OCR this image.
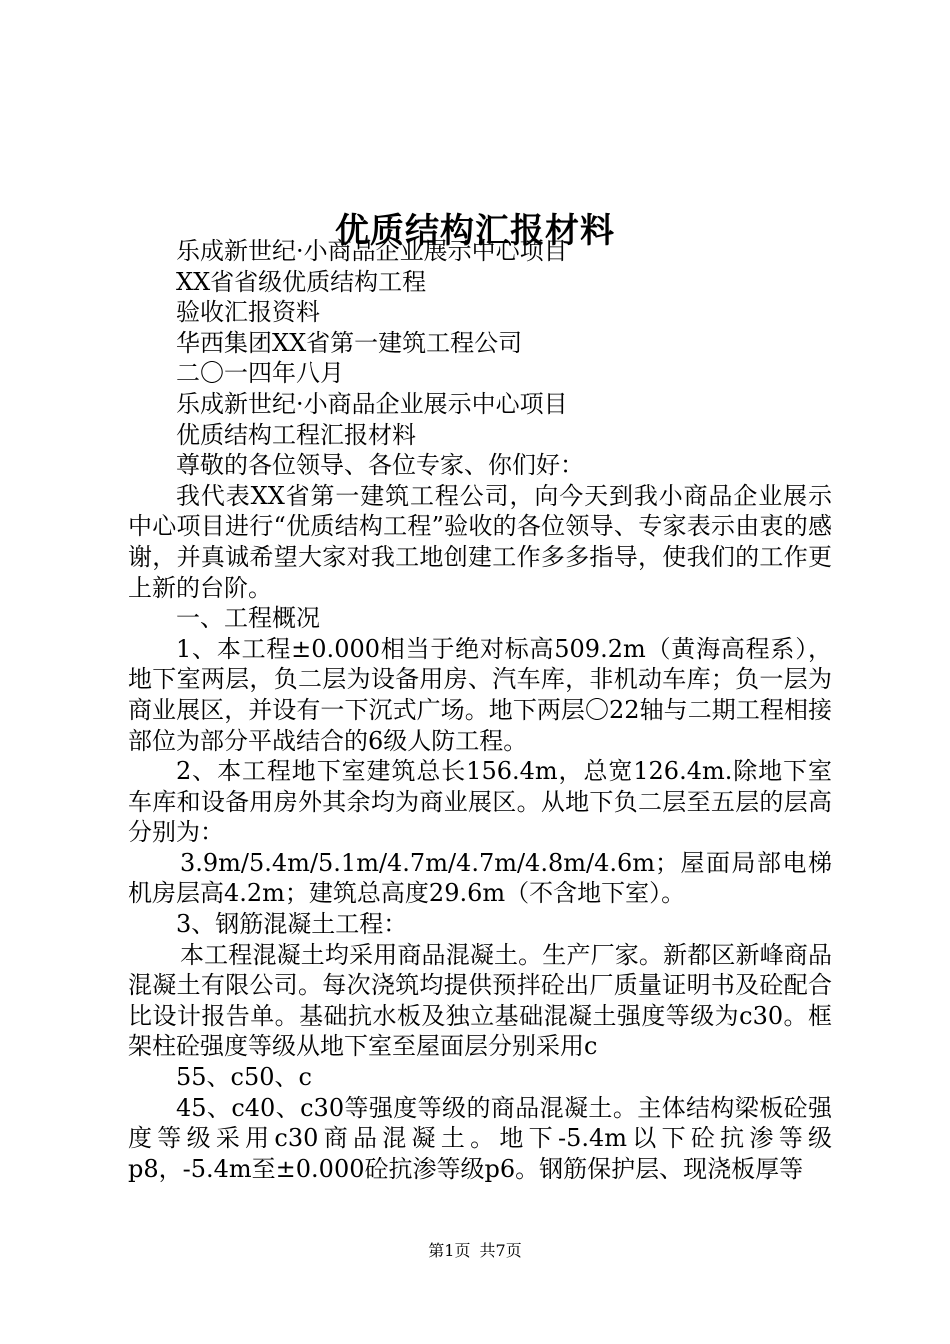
优质结构汇报材料

乐成新世纪·小商品企业展示中心项目

XX省省级优质结构工程

验收汇报资料

华西集团XX省第一建筑工程公司

二〇一四年八月

乐成新世纪·小商品企业展示中心项目

优质结构工程汇报材料

尊敬的各位领导、各位专家、你们好：

我代表XX省第一建筑工程公司，向今天到我小商品企业展示中心项目进行“优质结构工程”验收的各位领导、专家表示由衷的感谢，并真诚希望大家对我工地创建工作多多指导，使我们的工作更上新的台阶。

一、工程概况

1、本工程±0.000相当于绝对标高509.2m（黄海高程系），地下室两层，负二层为设备用房、汽车库，非机动车库；负一层为商业展区，并设有一下沉式广场。地下两层〇22轴与二期工程相接部位为部分平战结合的6级人防工程。

2、本工程地下室建筑总长156.4m，总宽126.4m.除地下室车库和设备用房外其余均为商业展区。从地下负二层至五层的层高分别为：

3.9m/5.4m/5.1m/4.7m/4.7m/4.8m/4.6m；屋面局部电梯机房层高4.2m；建筑总高度29.6m（不含地下室）。

3、钢筋混凝土工程：

本工程混凝土均采用商品混凝土。生产厂家。新都区新峰商品混凝土有限公司。每次浇筑均提供预拌砼出厂质量证明书及砼配合比设计报告单。基础抗水板及独立基础混凝土强度等级为c30。框架柱砼强度等级从地下室至屋面层分别采用c

55、c50、c

45、c40、c30等强度等级的商品混凝土。主体结构梁板砼强度等级采用c30商品混凝土。地下-5.4m以下砼抗渗等级p8，-5.4m至±0.000砼抗渗等级p6。钢筋保护层、现浇板厚等

第1页 共7页
